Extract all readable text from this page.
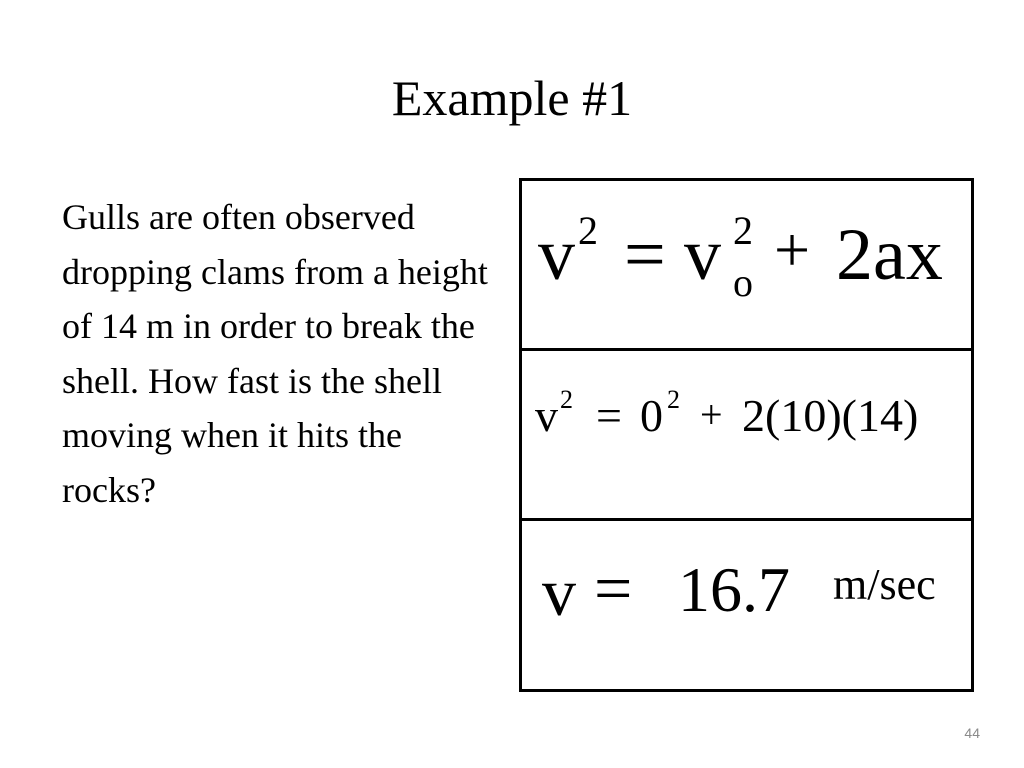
Example #1
Gulls are often observed dropping clams from a height of 14 m in order to break the shell. How fast is the shell moving when it hits the rocks?
v 2 = v 2
o + 2ax
v 2 = 0 2 + 2(10)(14)
v = 16.7 m/sec
44
